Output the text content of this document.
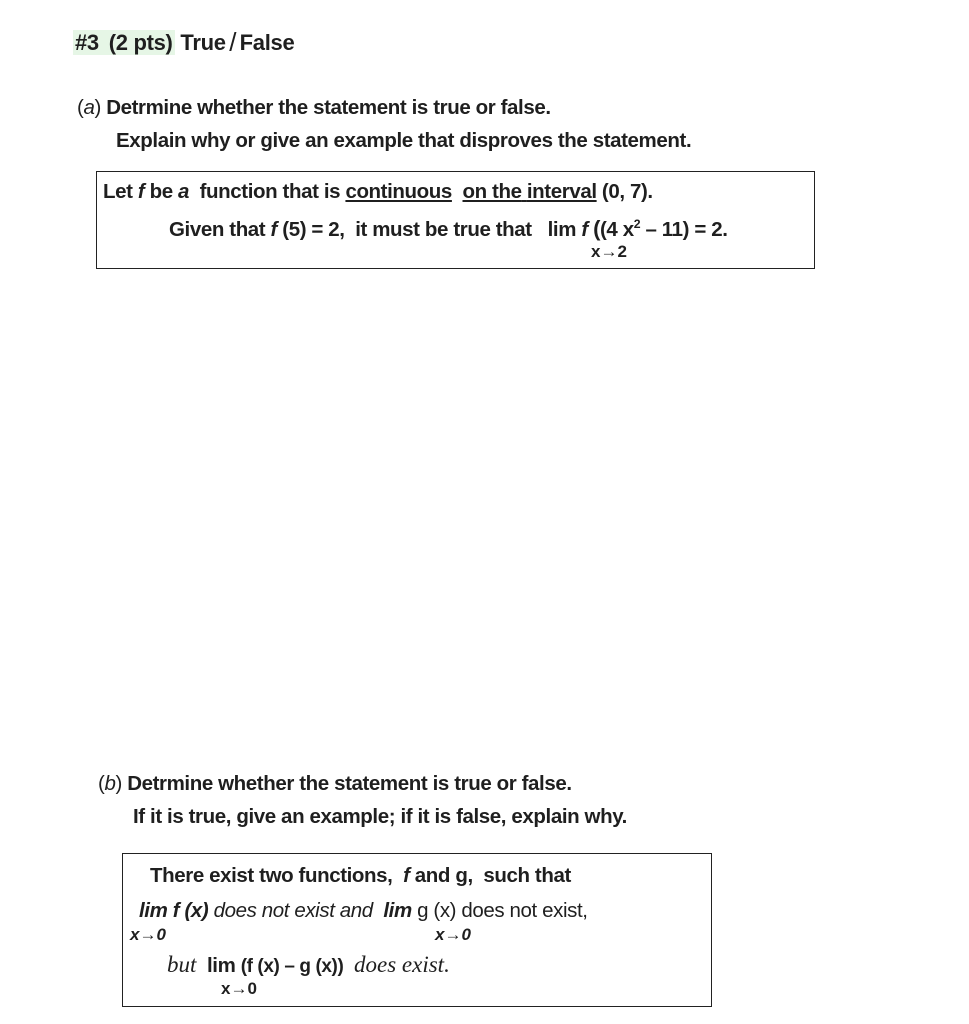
#3 (2 pts) True / False
(a) Detrmine whether the statement is true or false.
Explain why or give an example that disproves the statement.
Let f be a function that is continuous on the interval (0, 7).
Given that f (5) = 2, it must be true that lim f ((4 $x^2 - 11) = 2$.
x→2
(b) Detrmine whether the statement is true or false.
If it is true, give an example; if it is false, explain why.
There exist two functions, f and g, such that
lim f (x) does not exist and lim g (x) does not exist,
x→0	x→0
but lim (f (x) – g (x)) does exist.
x→0
